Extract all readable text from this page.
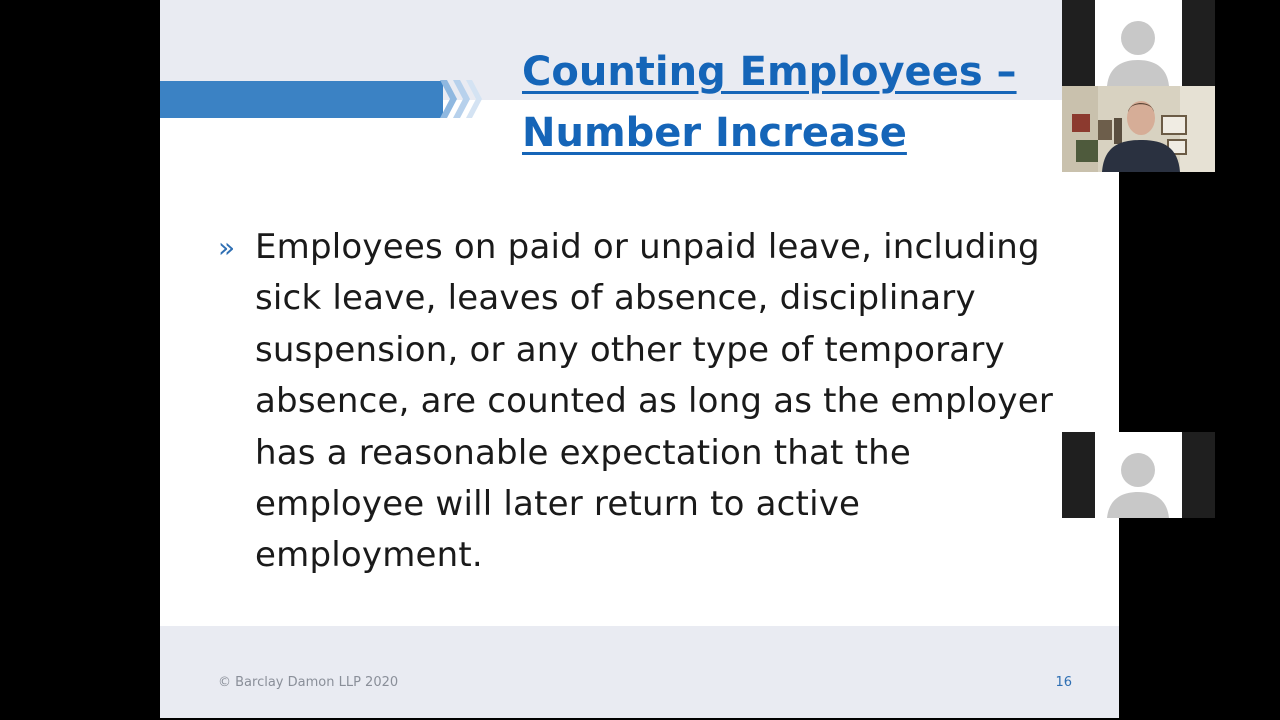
Counting Employees –
Number Increase
» Employees on paid or unpaid leave, including sick leave, leaves of absence, disciplinary suspension, or any other type of temporary absence, are counted as long as the employer has a reasonable expectation that the employee will later return to active employment.
© Barclay Damon LLP 2020	16
